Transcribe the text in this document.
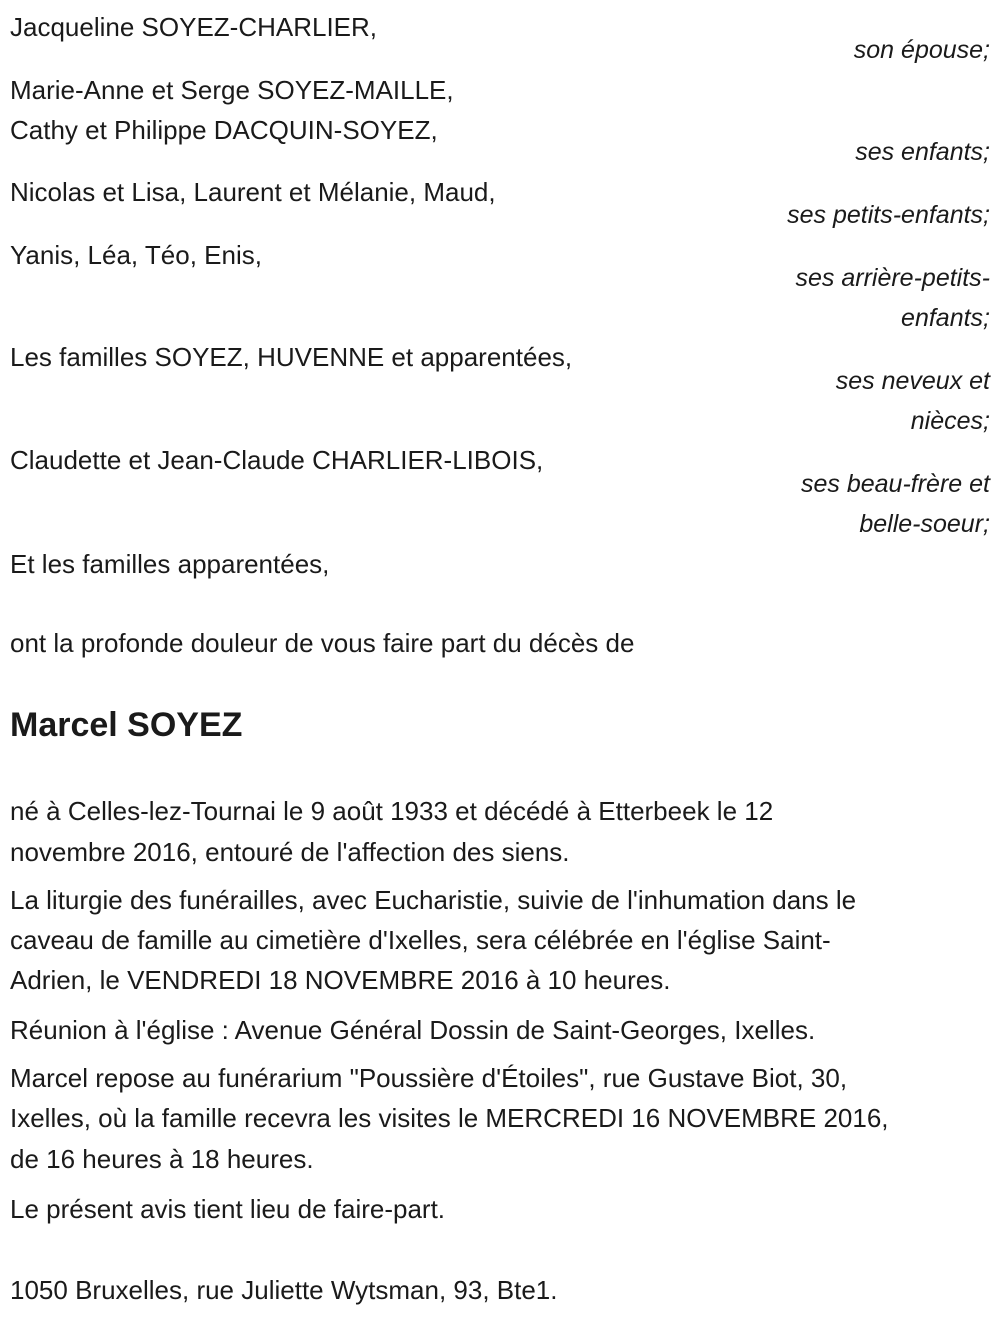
Jacqueline SOYEZ-CHARLIER,
son épouse;
Marie-Anne et Serge SOYEZ-MAILLE,
Cathy et Philippe DACQUIN-SOYEZ,
ses enfants;
Nicolas et Lisa, Laurent et Mélanie, Maud,
ses petits-enfants;
Yanis, Léa, Téo, Enis,
ses arrière-petits-
enfants;
Les familles SOYEZ, HUVENNE et apparentées,
ses neveux et
nièces;
Claudette et Jean-Claude CHARLIER-LIBOIS,
ses beau-frère et
belle-soeur;
Et les familles apparentées,
ont la profonde douleur de vous faire part du décès de
Marcel SOYEZ
né à Celles-lez-Tournai le 9 août 1933 et décédé à Etterbeek le 12
novembre 2016, entouré de l'affection des siens.
La liturgie des funérailles, avec Eucharistie, suivie de l'inhumation dans le
caveau de famille au cimetière d'Ixelles, sera célébrée en l'église Saint-
Adrien, le VENDREDI 18 NOVEMBRE 2016 à 10 heures.
Réunion à l'église : Avenue Général Dossin de Saint-Georges, Ixelles.
Marcel repose au funérarium "Poussière d'Étoiles", rue Gustave Biot, 30,
Ixelles, où la famille recevra les visites le MERCREDI 16 NOVEMBRE 2016,
de 16 heures à 18 heures.
Le présent avis tient lieu de faire-part.
1050 Bruxelles, rue Juliette Wytsman, 93, Bte1.
